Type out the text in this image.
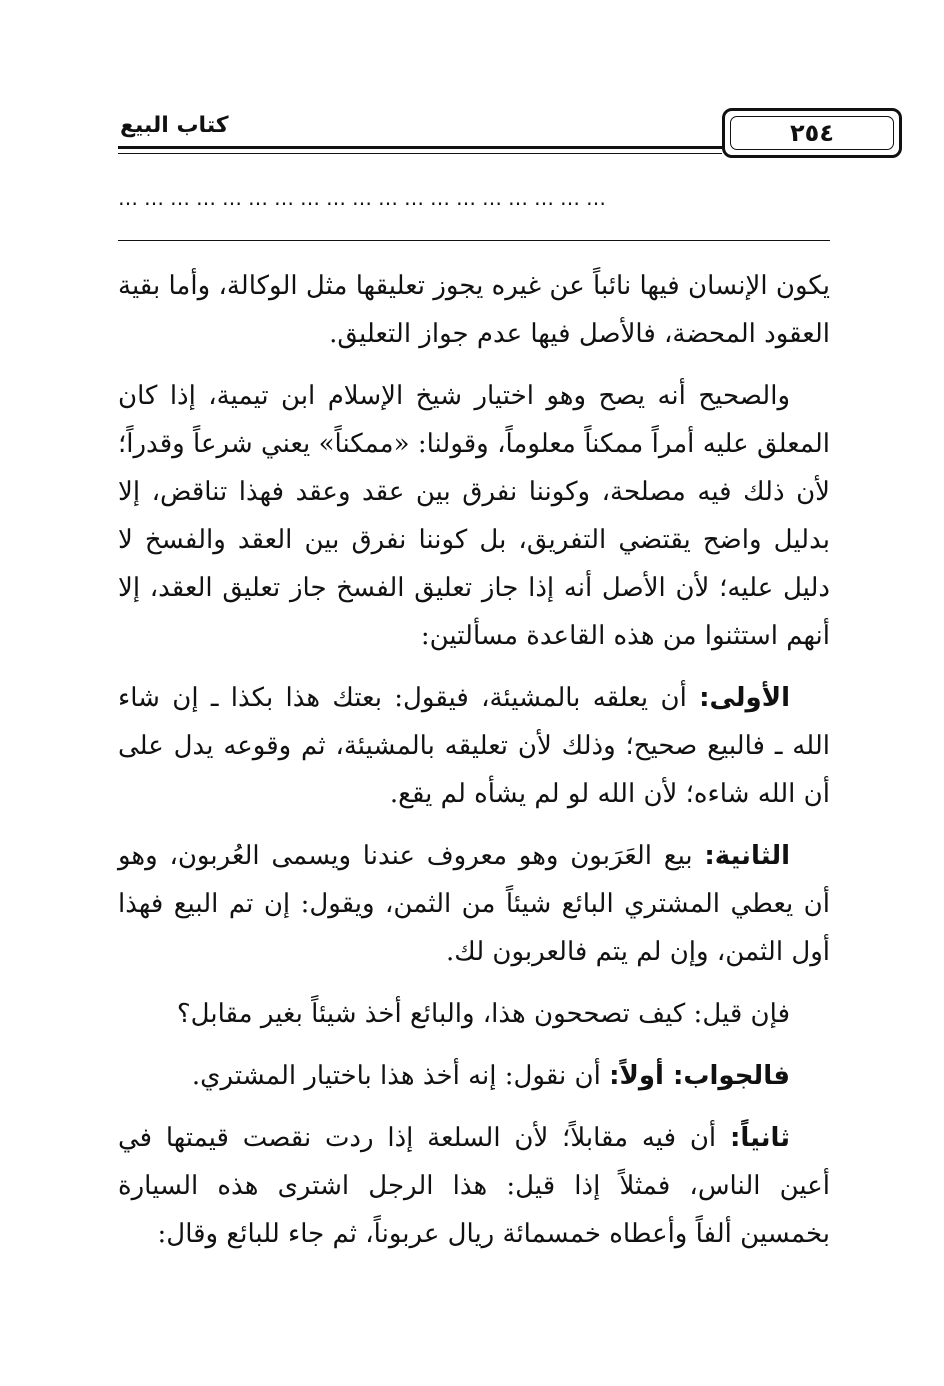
كتاب البيع	٢٥٤
…………………………………………………

يكون الإنسان فيها نائباً عن غيره يجوز تعليقها مثل الوكالة، وأما بقية العقود المحضة، فالأصل فيها عدم جواز التعليق.

والصحيح أنه يصح وهو اختيار شيخ الإسلام ابن تيمية، إذا كان المعلق عليه أمراً ممكناً معلوماً، وقولنا: «ممكناً» يعني شرعاً وقدراً؛ لأن ذلك فيه مصلحة، وكوننا نفرق بين عقد وعقد فهذا تناقض، إلا بدليل واضح يقتضي التفريق، بل كوننا نفرق بين العقد والفسخ لا دليل عليه؛ لأن الأصل أنه إذا جاز تعليق الفسخ جاز تعليق العقد، إلا أنهم استثنوا من هذه القاعدة مسألتين:

الأولى: أن يعلقه بالمشيئة، فيقول: بعتك هذا بكذا ـ إن شاء الله ـ فالبيع صحيح؛ وذلك لأن تعليقه بالمشيئة، ثم وقوعه يدل على أن الله شاءه؛ لأن الله لو لم يشأه لم يقع.

الثانية: بيع العَرَبون وهو معروف عندنا ويسمى العُربون، وهو أن يعطي المشتري البائع شيئاً من الثمن، ويقول: إن تم البيع فهذا أول الثمن، وإن لم يتم فالعربون لك.

فإن قيل: كيف تصححون هذا، والبائع أخذ شيئاً بغير مقابل؟

فالجواب: أولاً: أن نقول: إنه أخذ هذا باختيار المشتري.

ثانياً: أن فيه مقابلاً؛ لأن السلعة إذا ردت نقصت قيمتها في أعين الناس، فمثلاً إذا قيل: هذا الرجل اشترى هذه السيارة بخمسين ألفاً وأعطاه خمسمائة ريال عربوناً، ثم جاء للبائع وقال:
